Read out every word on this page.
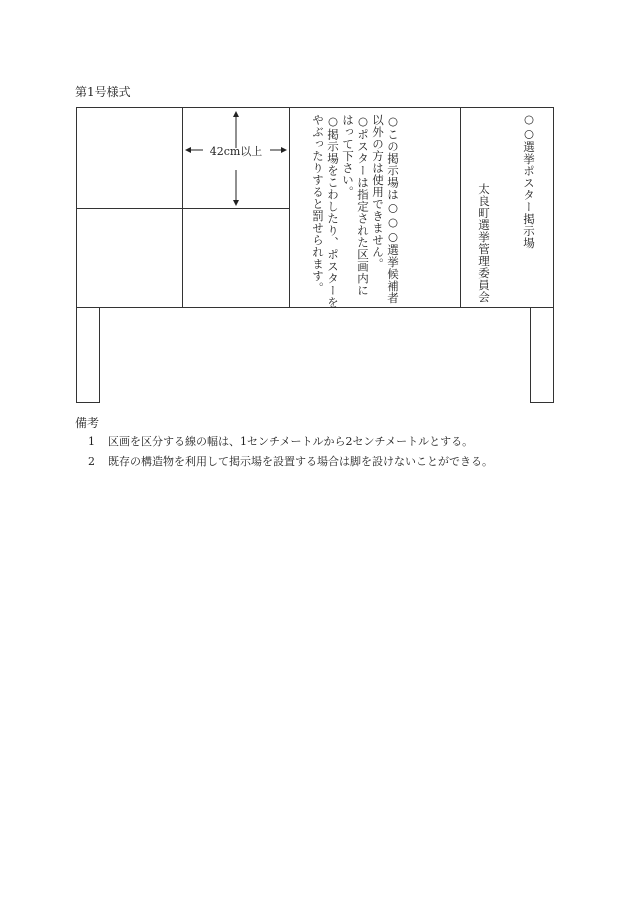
第1号様式
○この掲示場は○○○選挙候補者
以外の方は使用できません。
○ポスターは指定された区画内に
はって下さい。
○掲示場をこわしたり、ポスターを
やぶったりすると罰せられます。	○○選挙ポスター掲示場
太良町選挙管理委員会
42cm以上
備考
1 区画を区分する線の幅は、1センチメートルから2センチメートルとする。
2 既存の構造物を利用して掲示場を設置する場合は脚を設けないことができる。
